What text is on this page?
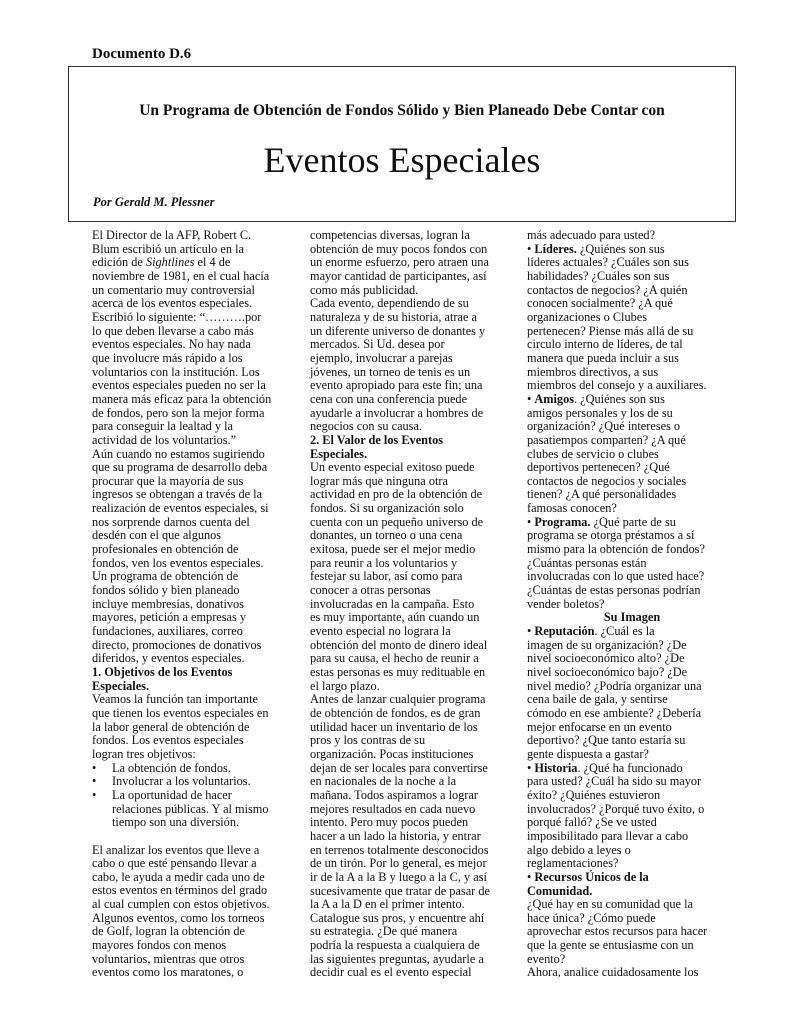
Documento D.6
Un Programa de Obtención de Fondos Sólido y Bien Planeado Debe Contar con
Eventos Especiales
Por Gerald M. Plessner
El Director de la AFP, Robert C.
Blum escribió un artículo en la
edición de Sightlines el 4 de
noviembre de 1981, en el cual hacía
un comentario muy controversial
acerca de los eventos especiales.
Escribió lo siguiente: “……….por
lo que deben llevarse a cabo más
eventos especiales. No hay nada
que involucre más rápido a los
voluntarios con la institución. Los
eventos especiales pueden no ser la
manera más eficaz para la obtención
de fondos, pero son la mejor forma
para conseguir la lealtad y la
actividad de los voluntarios.”
Aún cuando no estamos sugiriendo
que su programa de desarrollo deba
procurar que la mayoría de sus
ingresos se obtengan a través de la
realización de eventos especiales, si
nos sorprende darnos cuenta del
desdén con el que algunos
profesionales en obtención de
fondos, ven los eventos especiales.
Un programa de obtención de
fondos sólido y bien planeado
incluye membresías, donativos
mayores, petición a empresas y
fundaciones, auxiliares, correo
directo, promociones de donativos
diferidos, y eventos especiales.
1. Objetivos de los Eventos
Especiales.
Veamos la función tan importante
que tienen los eventos especiales en
la labor general de obtención de
fondos. Los eventos especiales
logran tres objetivos:
• La obtención de fondos.
• Involucrar a los voluntarios.
• La oportunidad de hacer
relaciones públicas. Y al mismo
tiempo son una diversión.
El analizar los eventos que lleve a
cabo o que esté pensando llevar a
cabo, le ayuda a medir cada uno de
estos eventos en términos del grado
al cual cumplen con estos objetivos.
Algunos eventos, como los torneos
de Golf, logran la obtención de
mayores fondos con menos
voluntarios, mientras que otros
eventos como los maratones, o
competencias diversas, logran la
obtención de muy pocos fondos con
un enorme esfuerzo, pero atraen una
mayor cantidad de participantes, así
como más publicidad.
Cada evento, dependiendo de su
naturaleza y de su historia, atrae a
un diferente universo de donantes y
mercados. Si Ud. desea por
ejemplo, involucrar a parejas
jóvenes, un torneo de tenis es un
evento apropiado para este fin; una
cena con una conferencia puede
ayudarle a involucrar a hombres de
negocios con su causa.
2. El Valor de los Eventos
Especiales.
Un evento especial exitoso puede
lograr más que ninguna otra
actividad en pro de la obtención de
fondos. Si su organización solo
cuenta con un pequeño universo de
donantes, un torneo o una cena
exitosa, puede ser el mejor medio
para reunir a los voluntarios y
festejar su labor, así como para
conocer a otras personas
involucradas en la campaña. Esto
es muy importante, aún cuando un
evento especial no lograra la
obtención del monto de dinero ideal
para su causa, el hecho de reunir a
estas personas es muy redituable en
el largo plazo.
Antes de lanzar cualquier programa
de obtención de fondos, es de gran
utilidad hacer un inventario de los
pros y los contras de su
organización. Pocas instituciones
dejan de ser locales para convertirse
en nacionales de la noche a la
mañana. Todos aspiramos a lograr
mejores resultados en cada nuevo
intento. Pero muy pocos pueden
hacer a un lado la historia, y entrar
en terrenos totalmente desconocidos
de un tirón. Por lo general, es mejor
ir de la A a la B y luego a la C, y así
sucesivamente que tratar de pasar de
la A a la D en el primer intento.
Catalogue sus pros, y encuentre ahí
su estrategia. ¿De qué manera
podría la respuesta a cualquiera de
las siguientes preguntas, ayudarle a
decidir cual es el evento especial
más adecuado para usted?
• Líderes. ¿Quiénes son sus
líderes actuales? ¿Cuáles son sus
habilidades? ¿Cuáles son sus
contactos de negocios? ¿A quién
conocen socialmente? ¿A qué
organizaciones o Clubes
pertenecen? Piense más allá de su
circulo interno de líderes, de tal
manera que pueda incluir a sus
miembros directivos, a sus
miembros del consejo y a auxiliares.
• Amigos. ¿Quiénes son sus
amigos personales y los de su
organización? ¿Qué intereses o
pasatiempos comparten? ¿A qué
clubes de servicio o clubes
deportivos pertenecen? ¿Qué
contactos de negocios y sociales
tienen? ¿A qué personalidades
famosas conocen?
• Programa. ¿Qué parte de su
programa se otorga préstamos a sí
mismo para la obtención de fondos?
¿Cuántas personas están
involucradas con lo que usted hace?
¿Cuántas de estas personas podrían
vender boletos?
Su Imagen
• Reputación. ¿Cuál es la
imagen de su organización? ¿De
nivel socioeconómico alto? ¿De
nivel socioeconómico bajo? ¿De
nivel medio? ¿Podría organizar una
cena baile de gala, y sentirse
cómodo en ese ambiente? ¿Debería
mejor enfocarse en un evento
deportivo? ¿Que tanto estaría su
gente dispuesta a gastar?
• Historia. ¿Qué ha funcionado
para usted? ¿Cuál ha sido su mayor
éxito? ¿Quiénes estuvieron
involucrados? ¿Porqué tuvo éxito, o
porqué falló? ¿Se ve usted
imposibilitado para llevar a cabo
algo debido a leyes o
reglamentaciones?
• Recursos Únicos de la
Comunidad.
¿Qué hay en su comunidad que la
hace única? ¿Cómo puede
aprovechar estos recursos para hacer
que la gente se entusiasme con un
evento?
Ahora, analice cuidadosamente los
